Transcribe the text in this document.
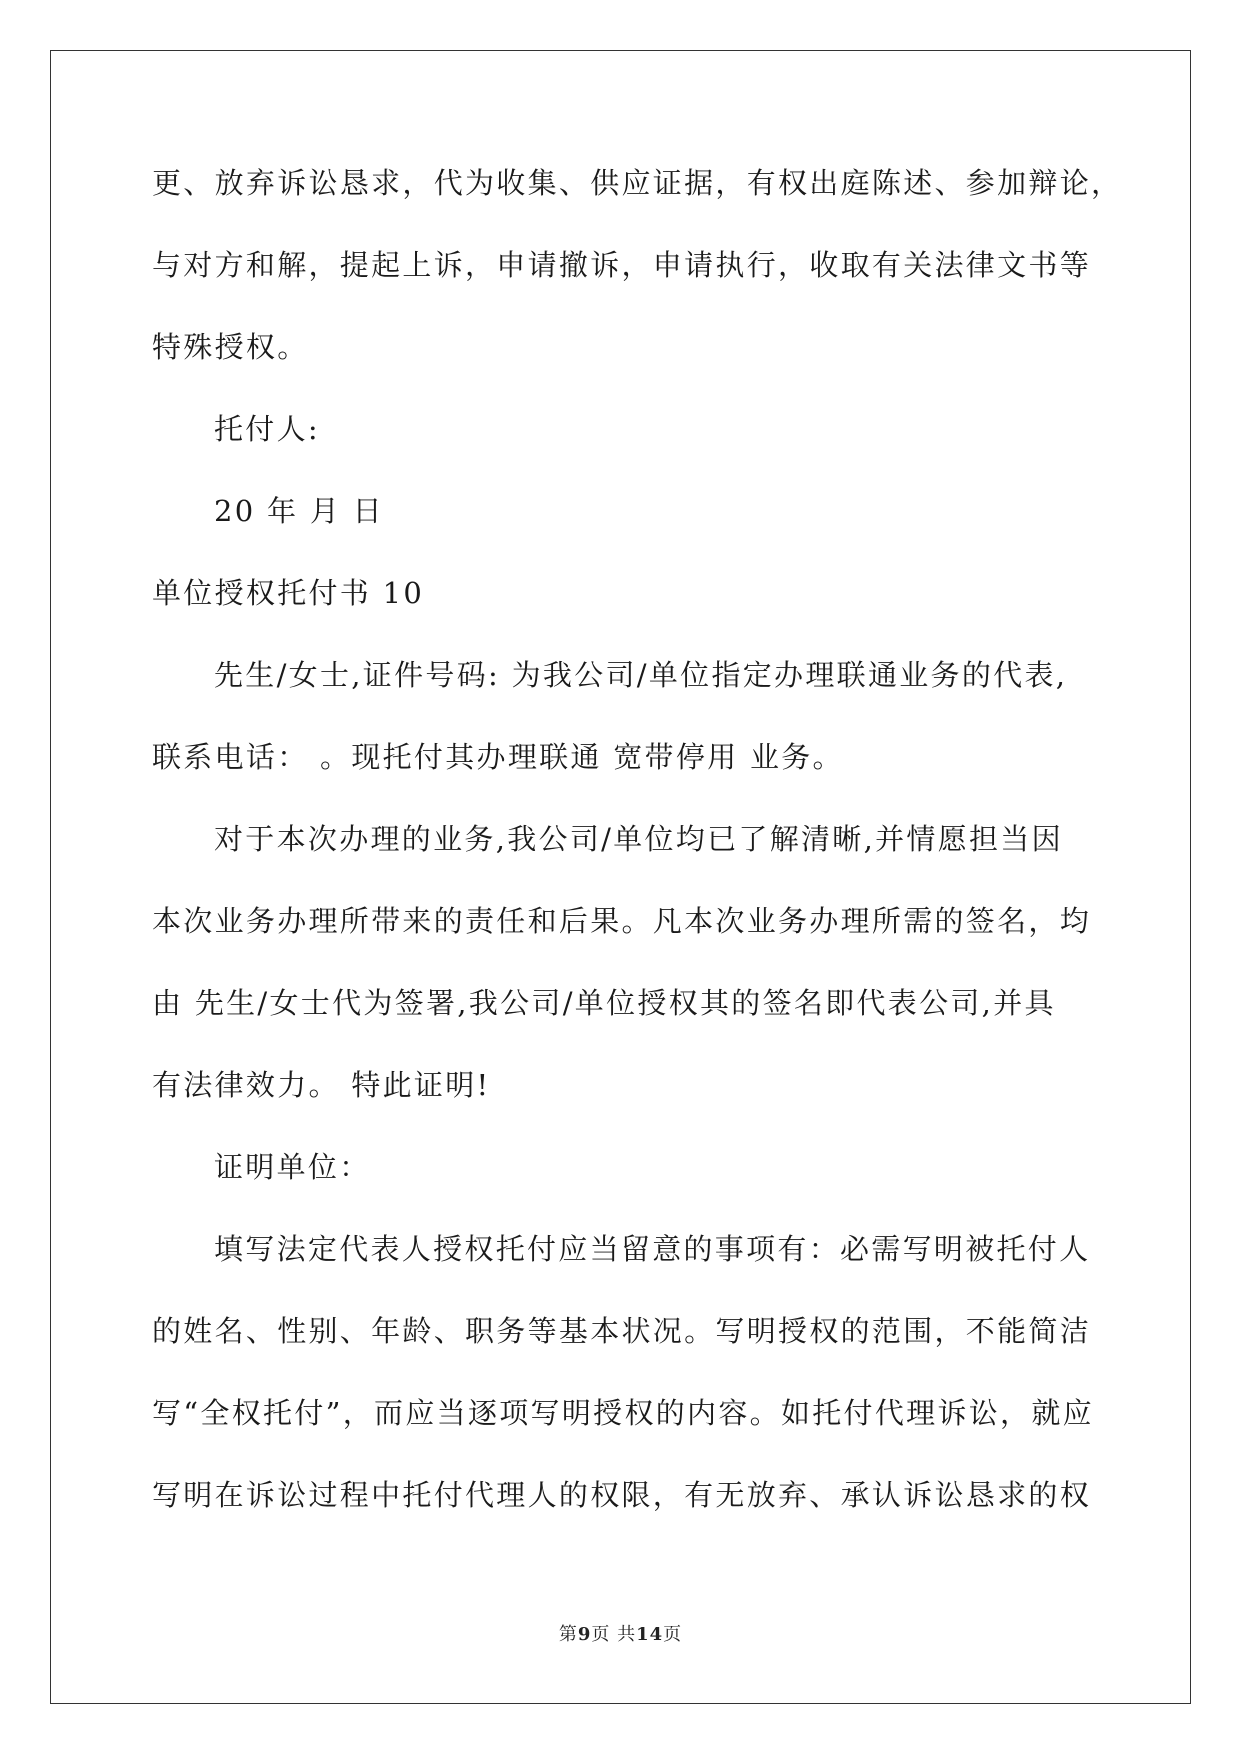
更、放弃诉讼恳求，代为收集、供应证据，有权出庭陈述、参加辩论，
与对方和解，提起上诉，申请撤诉，申请执行，收取有关法律文书等
特殊授权。
托付人:
20 年 月 日
单位授权托付书 10
先生/女士,证件号码: 为我公司/单位指定办理联通业务的代表,
联系电话： 。现托付其办理联通 宽带停用 业务。
对于本次办理的业务,我公司/单位均已了解清晰,并情愿担当因
本次业务办理所带来的责任和后果。凡本次业务办理所需的签名，均
由 先生/女士代为签署,我公司/单位授权其的签名即代表公司,并具
有法律效力。 特此证明!
证明单位：
填写法定代表人授权托付应当留意的事项有：必需写明被托付人
的姓名、性别、年龄、职务等基本状况。写明授权的范围，不能简洁
写“全权托付”，而应当逐项写明授权的内容。如托付代理诉讼，就应
写明在诉讼过程中托付代理人的权限，有无放弃、承认诉讼恳求的权
第9页 共14页
